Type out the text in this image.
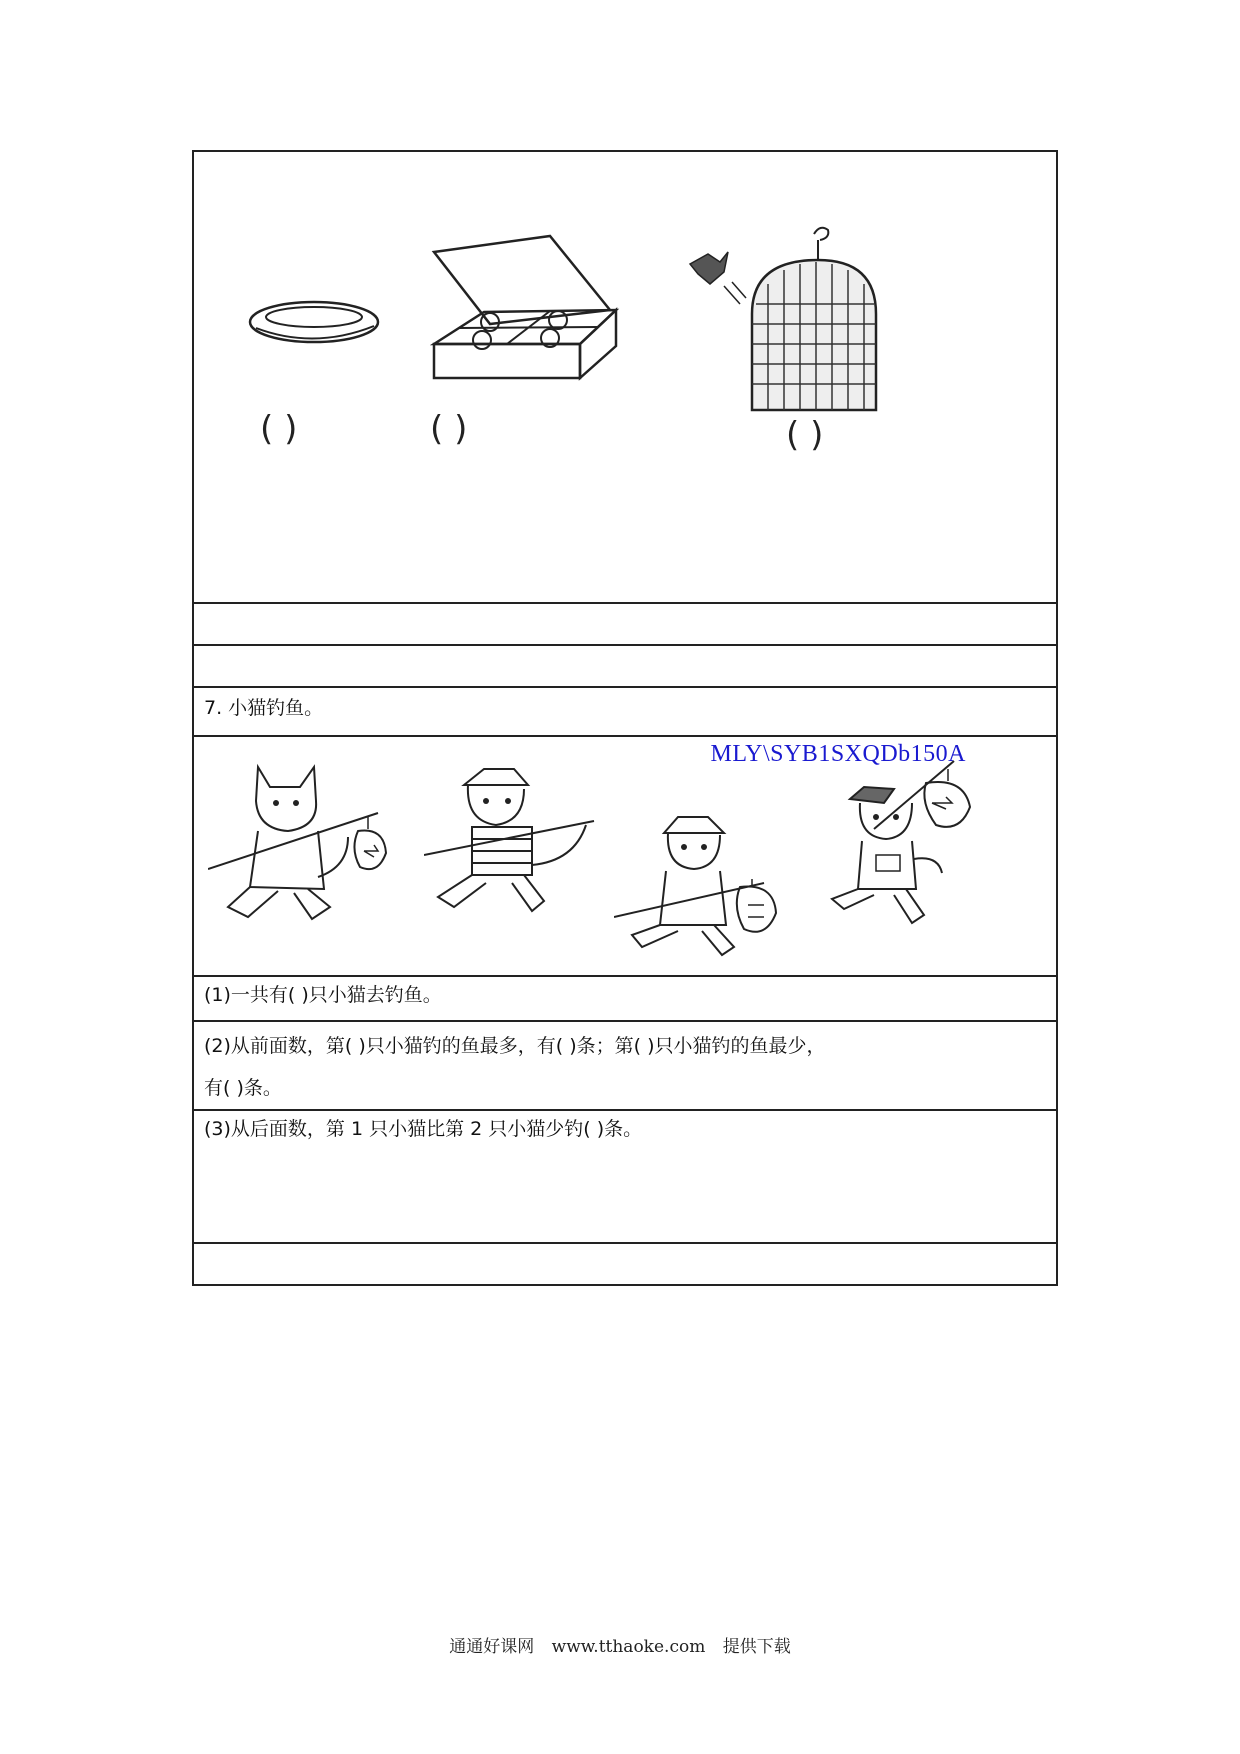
( )	( )	( )

7. 小猫钓鱼。

MLY\SYB1SXQDb150A

(1)一共有( )只小猫去钓鱼。

(2)从前面数，第( )只小猫钓的鱼最多，有( )条；第( )只小猫钓的鱼最少，
有( )条。

(3)从后面数，第 1 只小猫比第 2 只小猫少钓( )条。

通通好课网 www.tthaoke.com 提供下载
